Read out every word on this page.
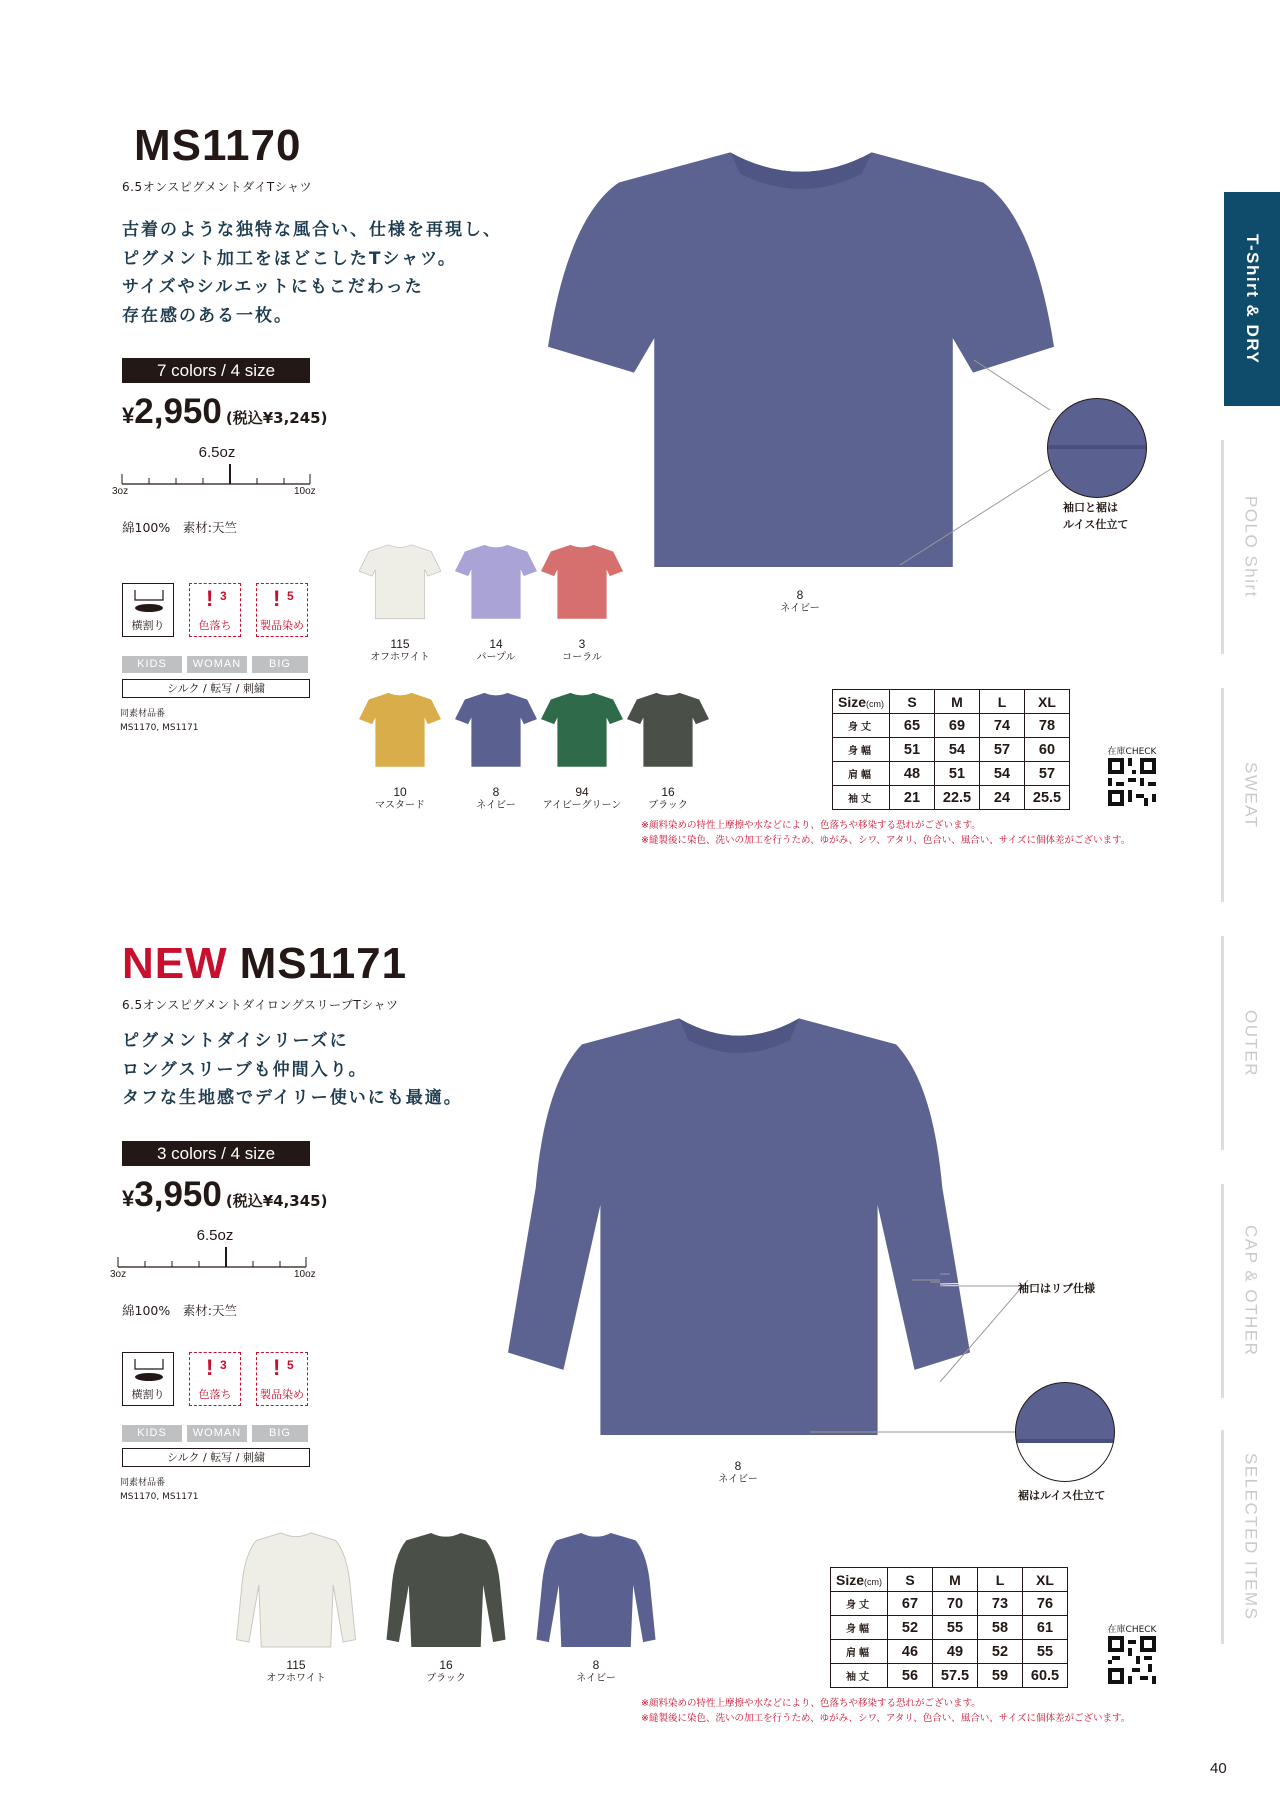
T-Shirt & DRY
POLO Shirt
SWEAT
OUTER
CAP & OTHER
SELECTED ITEMS
MS1170
6.5オンスピグメントダイTシャツ
古着のような独特な風合い、仕様を再現し、
ピグメント加工をほどこしたTシャツ。
サイズやシルエットにもこだわった
存在感のある一枚。
7 colors / 4 size
¥2,950 (税込¥3,245)
6.5oz
3oz	10oz
綿100%　素材:天竺
横割り
! 3
色落ち
! 5
製品染め
KIDS	WOMAN	BIG
シルク / 転写 / 刺繍
同素材品番
MS1170, MS1171
袖口と裾は
ルイス仕立て
8
ネイビー
115
オフホワイト
14
パープル
3
コーラル
10
マスタード
8
ネイビー
94
アイビーグリーン
16
ブラック
Size(cm)	S	M	L	XL
身丈	65	69	74	78
身幅	51	54	57	60
肩幅	48	51	54	57
袖丈	21	22.5	24	25.5
在庫CHECK
※顔料染めの特性上摩擦や水などにより、色落ちや移染する恐れがございます。
※縫製後に染色、洗いの加工を行うため、ゆがみ、シワ、アタリ、色合い、風合い、サイズに個体差がございます。
NEW MS1171
6.5オンスピグメントダイロングスリーブTシャツ
ピグメントダイシリーズに
ロングスリーブも仲間入り。
タフな生地感でデイリー使いにも最適。
3 colors / 4 size
¥3,950 (税込¥4,345)
6.5oz
3oz	10oz
綿100%　素材:天竺
横割り
! 3
色落ち
! 5
製品染め
KIDS	WOMAN	BIG
シルク / 転写 / 刺繍
同素材品番
MS1170, MS1171
袖口はリブ仕様
裾はルイス仕立て
8
ネイビー
115
オフホワイト
16
ブラック
8
ネイビー
Size(cm)	S	M	L	XL
身丈	67	70	73	76
身幅	52	55	58	61
肩幅	46	49	52	55
袖丈	56	57.5	59	60.5
在庫CHECK
※顔料染めの特性上摩擦や水などにより、色落ちや移染する恐れがございます。
※縫製後に染色、洗いの加工を行うため、ゆがみ、シワ、アタリ、色合い、風合い、サイズに個体差がございます。
40
